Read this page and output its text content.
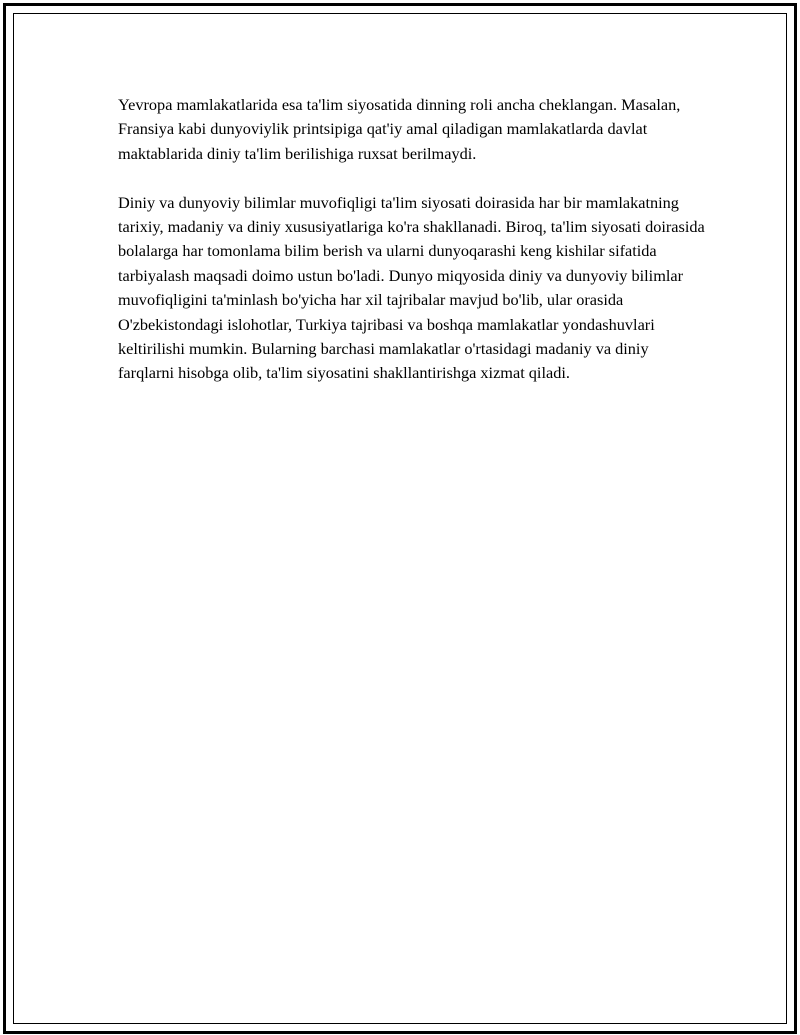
Yevropa mamlakatlarida esa ta'lim siyosatida dinning roli ancha cheklangan. Masalan, Fransiya kabi dunyoviylik printsipiga qat'iy amal qiladigan mamlakatlarda davlat maktablarida diniy ta'lim berilishiga ruxsat berilmaydi.

Diniy va dunyoviy bilimlar muvofiqligi ta'lim siyosati doirasida har bir mamlakatning tarixiy, madaniy va diniy xususiyatlariga ko'ra shakllanadi. Biroq, ta'lim siyosati doirasida bolalarga har tomonlama bilim berish va ularni dunyoqarashi keng kishilar sifatida tarbiyalash maqsadi doimo ustun bo'ladi. Dunyo miqyosida diniy va dunyoviy bilimlar muvofiqligini ta'minlash bo'yicha har xil tajribalar mavjud bo'lib, ular orasida O'zbekistondagi islohotlar, Turkiya tajribasi va boshqa mamlakatlar yondashuvlari keltirilishi mumkin. Bularning barchasi mamlakatlar o'rtasidagi madaniy va diniy farqlarni hisobga olib, ta'lim siyosatini shakllantirishga xizmat qiladi.
